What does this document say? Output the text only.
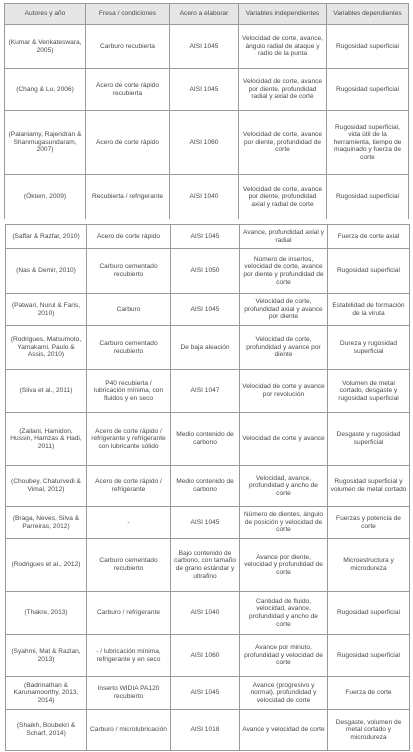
Autores y año	Fresa / condiciones	Acero a elaborar	Variables independientes	Variables dependientes
(Kumar & Venkateswara, 2005)	Carburo recubierta	AISI 1045	Velocidad de corte, avance, ángulo radial de ataque y radio de la punta	Rugosidad superficial
(Chang & Lu, 2006)	Acero de corte rápido recubierta	AISI 1045	Velocidad de corte, avance por diente, profundidad radial y axial de corte	Rugosidad superficial
(Palaniamy, Rajendran & Shanmugasundaram, 2007)	Acero de corte rápido	AISI 1060	Velocidad de corte, avance por diente, profundidad de corte	Rugosidad superficial, vida útil de la herramienta, tiempo de maquinado y fuerza de corte
(Öktem, 2009)	Recubierta / refrigerante	AISI 1040	Velocidad de corte, avance por diente, profundidad axial y radial de corte	Rugosidad superficial
(Saffar & Razfar, 2010)	Acero de corte rápido	AISI 1045	Avance, profundidad axial y radial	Fuerza de corte axial
(Nas & Demir, 2010)	Carburo cementado recubierto	AISI 1050	Número de insertos, velocidad de corte, avance por diente y profundidad de corte	Rugosidad superficial
(Patwari, Nurul & Faris, 2010)	Carburo	AISI 1045	Velocidad de corte, profundidad axial y avance por diente	Estabilidad de formación de la viruta
(Rodrigues, Matsumoto, Yamakami, Paulo & Assis, 2010)	Carburo cementado recubierto	De baja aleación	Velocidad de corte, profundidad y avance por diente	Dureza y rugosidad superficial
(Silva et al., 2011)	P40 recubierta / lubricación mínima, con fluidos y en seco	AISI 1047	Velocidad de corte y avance por revolución	Volumen de metal cortado, desgaste y rugosidad superficial
(Zailani, Hamidon, Hussin, Hamzas & Hadi, 2011)	Acero de corte rápido / refrigerante y refrigerante con lubricante sólido	Medio contenido de carbono	Velocidad de corte y avance	Desgaste y rugosidad superficial
(Choubey, Chaturvedi & Vimal, 2012)	Acero de corte rápido / refrigerante	Medio contenido de carbono	Velocidad, avance, profundidad y ancho de corte	Rugosidad superficial y volumen de metal cortado
(Braga, Neves, Silva & Parreiras, 2012)	-	AISI 1045	Número de dientes, ángulo de posición y velocidad de corte	Fuerzas y potencia de corte
(Rodrigues et al., 2012)	Carburo cementado recubierto	Bajo contenido de carbono, con tamaño de grano estándar y ultrafino	Avance por diente, velocidad y profundidad de corte	Microestructura y microdureza
(Thakre, 2013)	Carburo / refrigerante	AISI 1040	Cantidad de fluido, velocidad, avance, profundidad y ancho de corte	Rugosidad superficial
(Syahmi, Mat & Razlan, 2013)	- / lubricación mínima, refrigerante y en seco	AISI 1060	Avance por minuto, profundidad y velocidad de corte	Rugosidad superficial
(Badrinathan & Karunamoorthy, 2013, 2014)	Inserto WIDIA PA120 recubierto	AISI 1045	Avance (progresivo y normal), profundidad y velocidad de corte	Fuerza de corte
(Shaikh, Boubekri & Scharf, 2014)	Carburo / microlubricación	AISI 1018	Avance y velocidad de corte	Desgaste, volumen de metal cortado y microdureza
